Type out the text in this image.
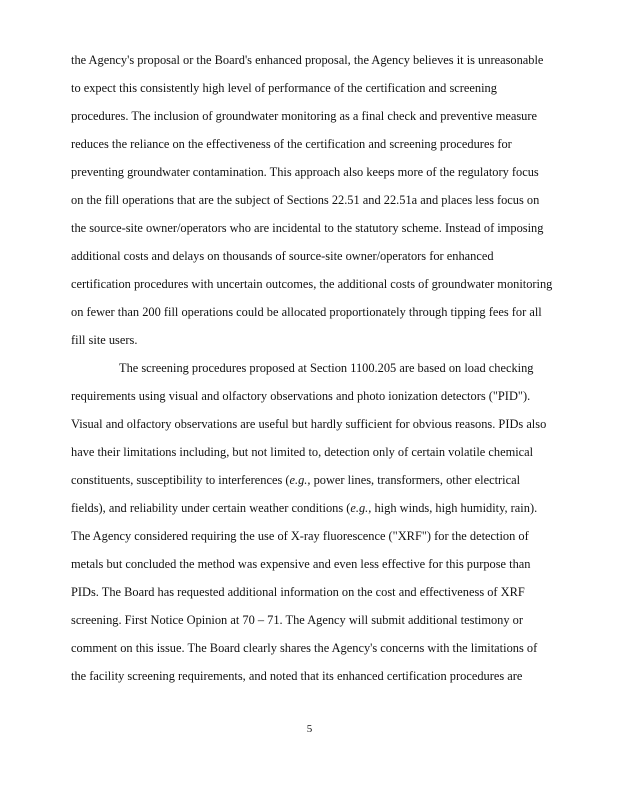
the Agency's proposal or the Board's enhanced proposal, the Agency believes it is unreasonable
to expect this consistently high level of performance of the certification and screening
procedures. The inclusion of groundwater monitoring as a final check and preventive measure
reduces the reliance on the effectiveness of the certification and screening procedures for
preventing groundwater contamination. This approach also keeps more of the regulatory focus
on the fill operations that are the subject of Sections 22.51 and 22.51a and places less focus on
the source-site owner/operators who are incidental to the statutory scheme. Instead of imposing
additional costs and delays on thousands of source-site owner/operators for enhanced
certification procedures with uncertain outcomes, the additional costs of groundwater monitoring
on fewer than 200 fill operations could be allocated proportionately through tipping fees for all
fill site users.
The screening procedures proposed at Section 1100.205 are based on load checking
requirements using visual and olfactory observations and photo ionization detectors ("PID").
Visual and olfactory observations are useful but hardly sufficient for obvious reasons. PIDs also
have their limitations including, but not limited to, detection only of certain volatile chemical
constituents, susceptibility to interferences (e.g., power lines, transformers, other electrical
fields), and reliability under certain weather conditions (e.g., high winds, high humidity, rain).
The Agency considered requiring the use of X-ray fluorescence ("XRF") for the detection of
metals but concluded the method was expensive and even less effective for this purpose than
PIDs. The Board has requested additional information on the cost and effectiveness of XRF
screening. First Notice Opinion at 70 – 71. The Agency will submit additional testimony or
comment on this issue. The Board clearly shares the Agency's concerns with the limitations of
the facility screening requirements, and noted that its enhanced certification procedures are
5
